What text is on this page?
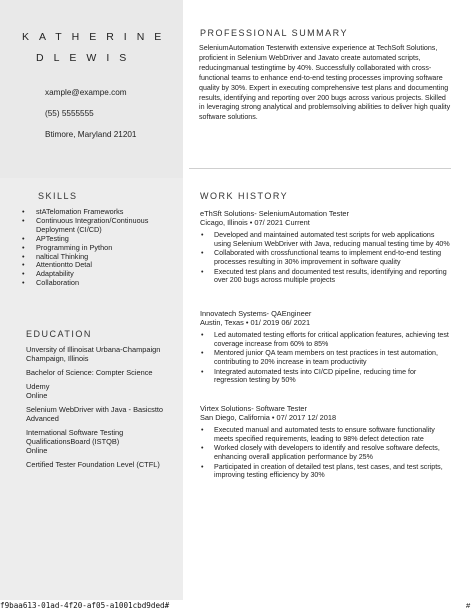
KATHERINE
DLEWIS
xample@exampe.com
(55) 5555555
Btimore, Maryland 21201
PROFESSIONAL SUMMARY
SeleniumAutomation Testerwith extensive experience at TechSoft Solutions, proficient in Selenium WebDriver and Javato create automated scripts, reducingmanual testingtime by 40%. Successfully collaborated with cross-functional teams to enhance end-to-end testing processes improving software quality by 30%. Expert in executing comprehensive test plans and documenting results, identifying and reporting over 200 bugs across various projects. Skilled in leveraging strong analytical and problemsolving abilities to deliver high quality software solutions.
SKILLS
• stATelomation Frameworks
• Continuous Integration/Continuous Deployment (CI/CD)
• APTesting
• Programming in Python
• naltical Thinking
• Attentiontto Detal
• Adaptability
• Collaboration
EDUCATION
Unversity of Illinoisat Urbana-Champaign
Champaign, Illinois
Bachelor of Science: Compter Science
Udemy
Online
Selenium WebDriver with Java - Basicstto Advanced
International Software Testing QualificationsBoard (ISTQB)
Online
Certified Tester Foundation Level (CTFL)
WORK HISTORY
eThSft Solutions- SeleniumAutomation Tester
Cicago, Illinois • 07/ 2021 Current
• Developed and maintained automated test scripts for web applications using Selenium WebDriver with Java, reducing manual testing time by 40%
• Collaborated with crossfunctional teams to implement end-to-end testing processes resulting in 30% improvement in software quality
• Executed test plans and documented test results, identifying and reporting over 200 bugs across multiple projects
Innovatech Systems- QAEngineer
Austin, Texas • 01/ 2019 06/ 2021
• Led automated testing efforts for critical application features, achieving test coverage increase from 60% to 85%
• Mentored junior QA team members on test practices in test automation, contributing to 20% increase in team productivity
• Integrated automated tests into CI/CD pipeline, reducing time for regression testing by 50%
Virtex Solutions- Software Tester
San Diego, California • 07/ 2017 12/ 2018
• Executed manual and automated tests to ensure software functionality meets specified requirements, leading to 98% defect detection rate
• Worked closely with developers to identify and resolve software defects, enhancing overall application performance by 25%
• Participated in creation of detailed test plans, test cases, and test scripts, improving testing efficiency by 30%
f9baa613-01ad-4f20-af05-a1001cbd9ded#	#
